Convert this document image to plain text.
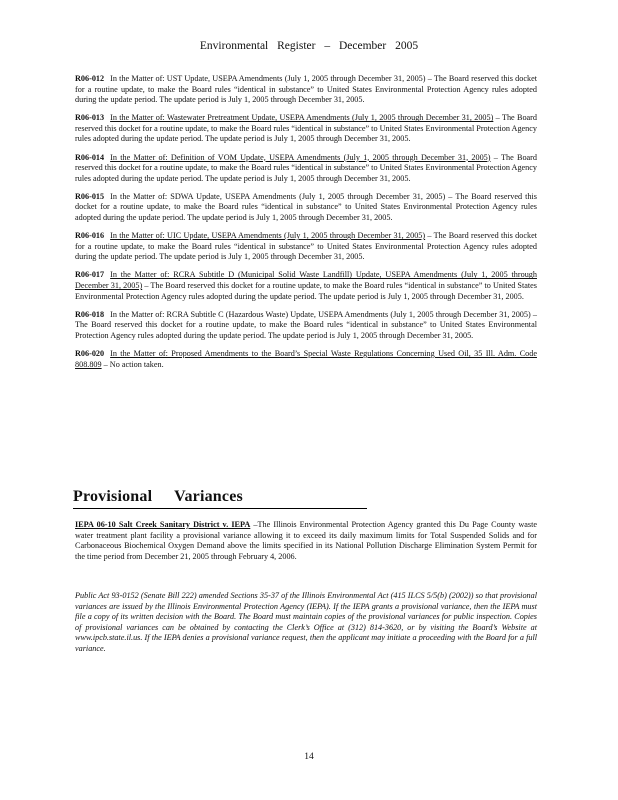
Environmental Register – December 2005
R06-012 In the Matter of: UST Update, USEPA Amendments (July 1, 2005 through December 31, 2005) – The Board reserved this docket for a routine update, to make the Board rules “identical in substance” to United States Environmental Protection Agency rules adopted during the update period. The update period is July 1, 2005 through December 31, 2005.
R06-013 In the Matter of: Wastewater Pretreatment Update, USEPA Amendments (July 1, 2005 through December 31, 2005) – The Board reserved this docket for a routine update, to make the Board rules “identical in substance” to United States Environmental Protection Agency rules adopted during the update period. The update period is July 1, 2005 through December 31, 2005.
R06-014 In the Matter of: Definition of VOM Update, USEPA Amendments (July 1, 2005 through December 31, 2005) – The Board reserved this docket for a routine update, to make the Board rules “identical in substance” to United States Environmental Protection Agency rules adopted during the update period. The update period is July 1, 2005 through December 31, 2005.
R06-015 In the Matter of: SDWA Update, USEPA Amendments (July 1, 2005 through December 31, 2005) – The Board reserved this docket for a routine update, to make the Board rules “identical in substance” to United States Environmental Protection Agency rules adopted during the update period. The update period is July 1, 2005 through December 31, 2005.
R06-016 In the Matter of: UIC Update, USEPA Amendments (July 1, 2005 through December 31, 2005) – The Board reserved this docket for a routine update, to make the Board rules “identical in substance” to United States Environmental Protection Agency rules adopted during the update period. The update period is July 1, 2005 through December 31, 2005.
R06-017 In the Matter of: RCRA Subtitle D (Municipal Solid Waste Landfill) Update, USEPA Amendments (July 1, 2005 through December 31, 2005) – The Board reserved this docket for a routine update, to make the Board rules “identical in substance” to United States Environmental Protection Agency rules adopted during the update period. The update period is July 1, 2005 through December 31, 2005.
R06-018 In the Matter of: RCRA Subtitle C (Hazardous Waste) Update, USEPA Amendments (July 1, 2005 through December 31, 2005) – The Board reserved this docket for a routine update, to make the Board rules “identical in substance” to United States Environmental Protection Agency rules adopted during the update period. The update period is July 1, 2005 through December 31, 2005.
R06-020 In the Matter of: Proposed Amendments to the Board’s Special Waste Regulations Concerning Used Oil, 35 Ill. Adm. Code 808.809 – No action taken.
Provisional Variances
IEPA 06-10 Salt Creek Sanitary District v. IEPA –The Illinois Environmental Protection Agency granted this Du Page County waste water treatment plant facility a provisional variance allowing it to exceed its daily maximum limits for Total Suspended Solids and for Carbonaceous Biochemical Oxygen Demand above the limits specified in its National Pollution Discharge Elimination System Permit for the time period from December 21, 2005 through February 4, 2006.
Public Act 93-0152 (Senate Bill 222) amended Sections 35-37 of the Illinois Environmental Act (415 ILCS 5/5(b) (2002)) so that provisional variances are issued by the Illinois Environmental Protection Agency (IEPA). If the IEPA grants a provisional variance, then the IEPA must file a copy of its written decision with the Board. The Board must maintain copies of the provisional variances for public inspection. Copies of provisional variances can be obtained by contacting the Clerk’s Office at (312) 814-3620, or by visiting the Board’s Website at www.ipcb.state.il.us. If the IEPA denies a provisional variance request, then the applicant may initiate a proceeding with the Board for a full variance.
14
